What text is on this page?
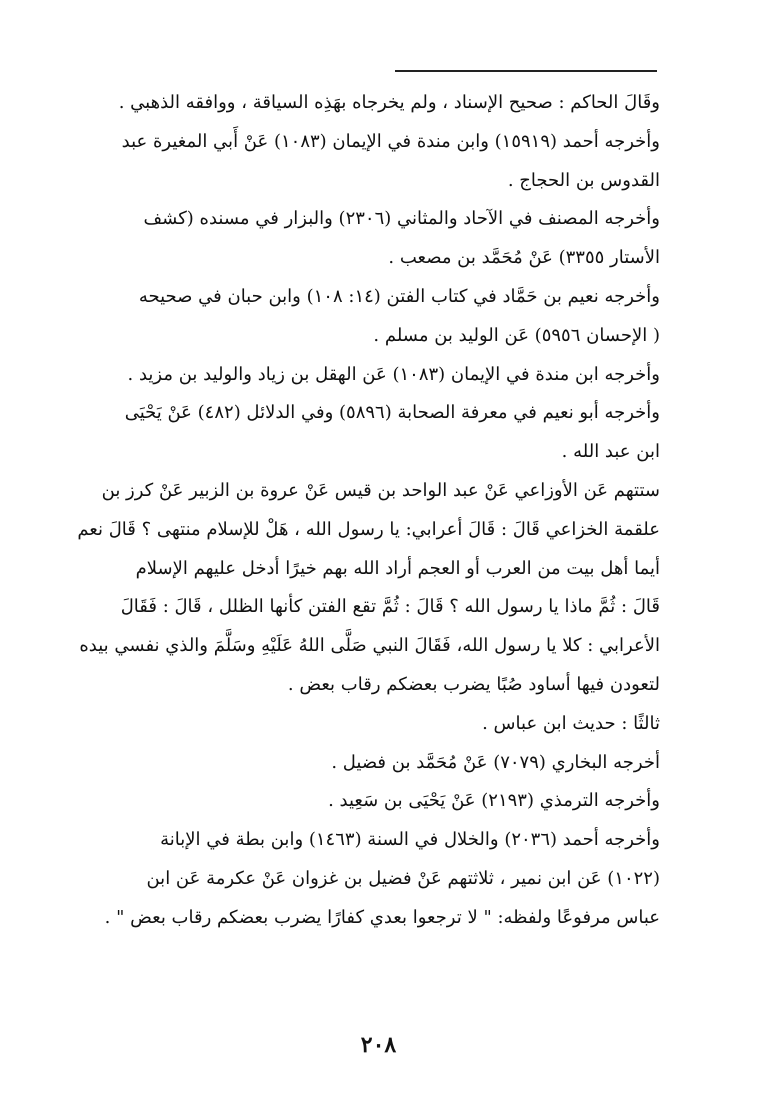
وقَالَ الحاكم : صحيح الإسناد ، ولم يخرجاه بهَذِه السياقة ، ووافقه الذهبي .
وأخرجه أحمد (١٥٩١٩) وابن مندة في الإيمان (١٠٨٣) عَنْ أَبي المغيرة عبد
القدوس بن الحجاج .
وأخرجه المصنف في الآحاد والمثاني (٢٣٠٦) والبزار في مسنده (كشف
الأستار ٣٣٥٥) عَنْ مُحَمَّد بن مصعب .
وأخرجه نعيم بن حَمَّاد في كتاب الفتن (١٤: ١٠٨) وابن حبان في صحيحه
( الإحسان ٥٩٥٦) عَن الوليد بن مسلم .
وأخرجه ابن مندة في الإيمان (١٠٨٣) عَن الهقل بن زياد والوليد بن مزيد .
وأخرجه أبو نعيم في معرفة الصحابة (٥٨٩٦) وفي الدلائل (٤٨٢) عَنْ يَحْيَى
ابن عبد الله .
ستتهم عَن الأوزاعي عَنْ عبد الواحد بن قيس عَنْ عروة بن الزبير عَنْ كرز بن
علقمة الخزاعي قَالَ : قَالَ أعرابي: يا رسول الله ، هَلْ للإسلام منتهى ؟ قَالَ نعم
أيما أهل بيت من العرب أو العجم أراد الله بهم خيرًا أدخل عليهم الإسلام
قَالَ : ثُمَّ ماذا يا رسول الله ؟ قَالَ : ثُمَّ تقع الفتن كأنها الظلل ، قَالَ : فَقَالَ
الأعرابي : كلا يا رسول الله، فَقَالَ النبي صَلَّى اللهُ عَلَيْهِ وسَلَّمَ والذي نفسي بيده
لتعودن فيها أساود صُبًا يضرب بعضكم رقاب بعض .
ثالثًا : حديث ابن عباس .
أخرجه البخاري (٧٠٧٩) عَنْ مُحَمَّد بن فضيل .
وأخرجه الترمذي (٢١٩٣) عَنْ يَحْيَى بن سَعِيد .
وأخرجه أحمد (٢٠٣٦) والخلال في السنة (١٤٦٣) وابن بطة في الإبانة
(١٠٢٢) عَن ابن نمير ، ثلاثتهم عَنْ فضيل بن غزوان عَنْ عكرمة عَن ابن
عباس مرفوعًا ولفظه: " لا ترجعوا بعدي كفارًا يضرب بعضكم رقاب بعض " .
٢٠٨
